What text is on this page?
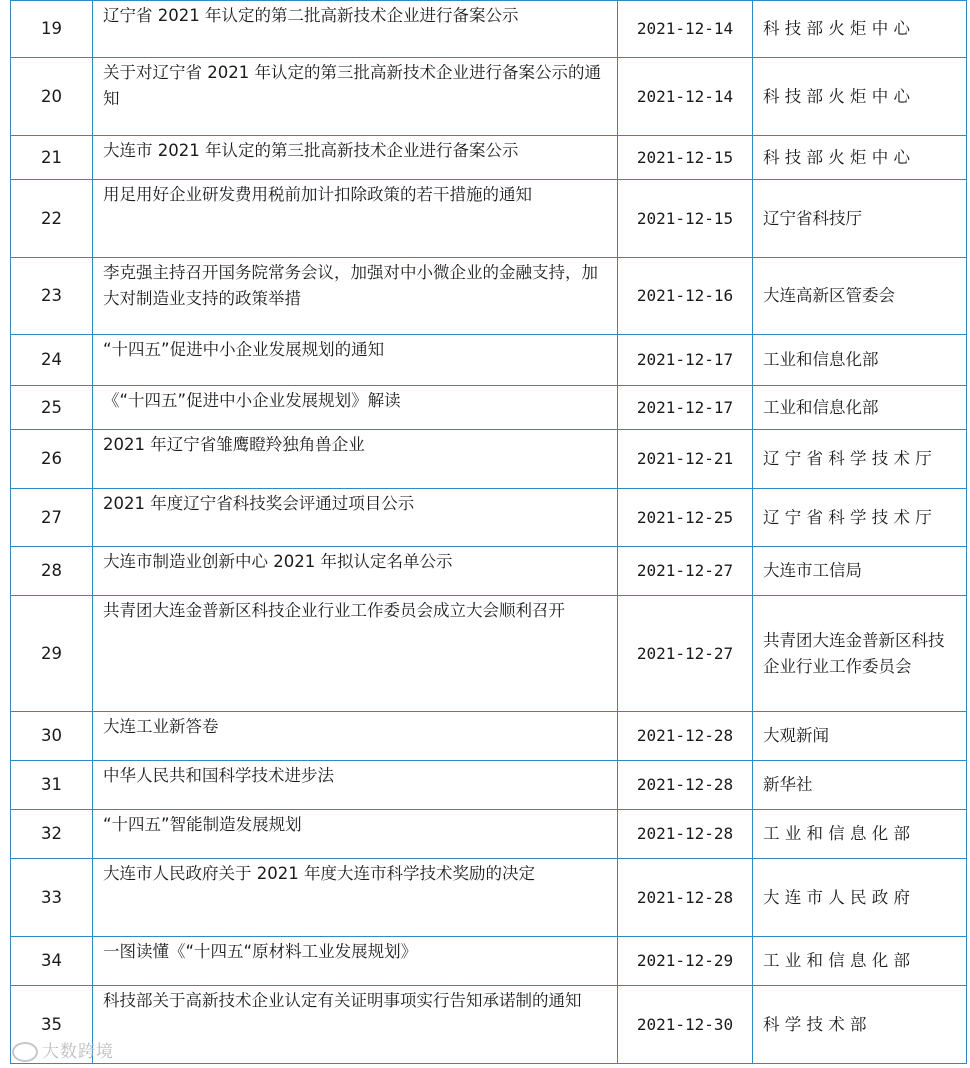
19	辽宁省 2021 年认定的第二批高新技术企业进行备案公示	2021-12-14	科 技 部 火 炬 中 心
20	关于对辽宁省 2021 年认定的第三批高新技术企业进行备案公示的通知	2021-12-14	科 技 部 火 炬 中 心
21	大连市 2021 年认定的第三批高新技术企业进行备案公示	2021-12-15	科 技 部 火 炬 中 心
22	用足用好企业研发费用税前加计扣除政策的若干措施的通知	2021-12-15	辽宁省科技厅
23	李克强主持召开国务院常务会议，加强对中小微企业的金融支持，加大对制造业支持的政策举措	2021-12-16	大连高新区管委会
24	“十四五”促进中小企业发展规划的通知	2021-12-17	工业和信息化部
25	《“十四五”促进中小企业发展规划》解读	2021-12-17	工业和信息化部
26	2021 年辽宁省雏鹰瞪羚独角兽企业	2021-12-21	辽 宁 省 科 学 技 术 厅
27	2021 年度辽宁省科技奖会评通过项目公示	2021-12-25	辽 宁 省 科 学 技 术 厅
28	大连市制造业创新中心 2021 年拟认定名单公示	2021-12-27	大连市工信局
29	共青团大连金普新区科技企业行业工作委员会成立大会顺利召开	2021-12-27	共青团大连金普新区科技企业行业工作委员会
30	大连工业新答卷	2021-12-28	大观新闻
31	中华人民共和国科学技术进步法	2021-12-28	新华社
32	“十四五”智能制造发展规划	2021-12-28	工 业 和 信 息 化 部
33	大连市人民政府关于 2021 年度大连市科学技术奖励的决定	2021-12-28	大 连 市 人 民 政 府
34	一图读懂《“十四五“原材料工业发展规划》	2021-12-29	工 业 和 信 息 化 部
35	科技部关于高新技术企业认定有关证明事项实行告知承诺制的通知	2021-12-30	科 学 技 术 部
大数跨境
